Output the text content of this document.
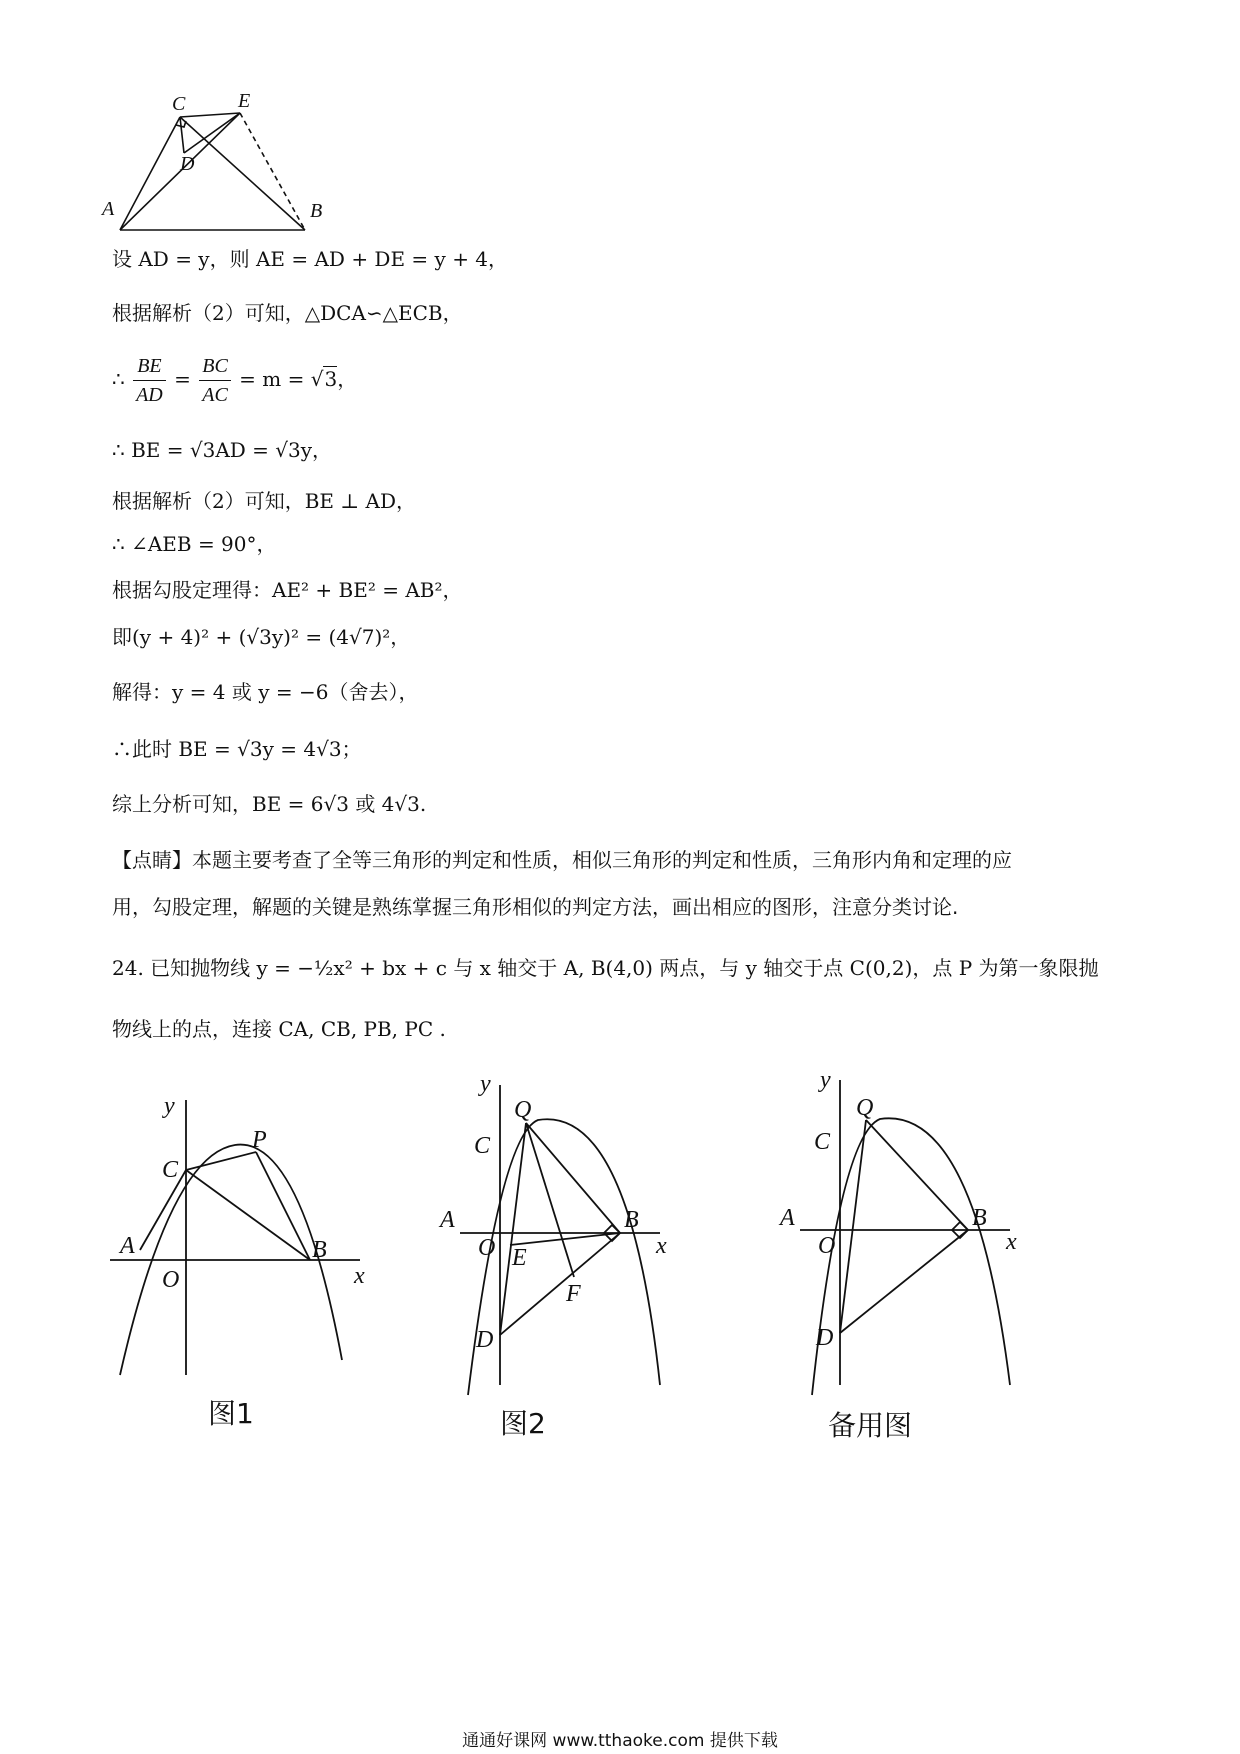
C	E
D
A	B
设 AD = y，则 AE = AD + DE = y + 4，
根据解析（2）可知，△DCA∽△ECB，
∴ $\frac{BE}{AD} = \frac{BC}{AC} = m = √3$，
∴ BE = √3AD = √3y，
根据解析（2）可知，BE ⊥ AD，
∴ ∠AEB = 90°，
根据勾股定理得：AE² + BE² = AB²，
即(y + 4)² + (√3y)² = (4√7)²，
解得：y = 4 或 y = −6（舍去），
∴此时 BE = √3y = 4√3；
综上分析可知，BE = 6√3 或 4√3.
【点睛】本题主要考查了全等三角形的判定和性质，相似三角形的判定和性质，三角形内角和定理的应
用，勾股定理，解题的关键是熟练掌握三角形相似的判定方法，画出相应的图形，注意分类讨论.
24. 已知抛物线 y = −½x² + bx + c 与 x 轴交于 A, B(4,0) 两点，与 y 轴交于点 C(0,2)，点 P 为第一象限抛
物线上的点，连接 CA, CB, PB, PC .
y
x
O
A	B
C
P
图1
y
x
O
A	B
C
Q
D
E
F
图2
y
x
O
A	B
C
Q
D
备用图
通通好课网 www.tthaoke.com 提供下载
